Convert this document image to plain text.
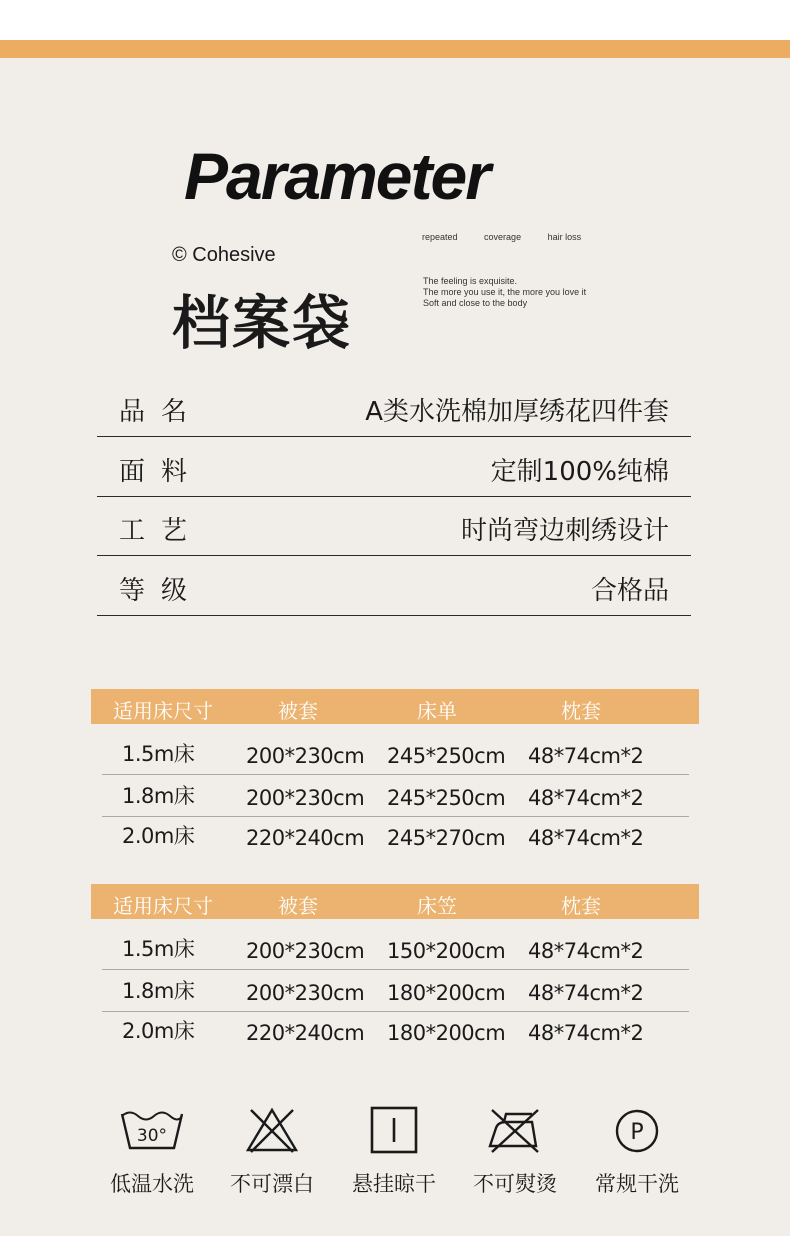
Parameter
© Cohesive
档案袋
repeated	coverage	hair loss
The feeling is exquisite.
The more you use it, the more you love it
Soft and close to the body
品名	A类水洗棉加厚绣花四件套
面料	定制100%纯棉
工艺	时尚弯边刺绣设计
等级	合格品
适用床尺寸	被套	床单	枕套
1.5m床 200*230cm 245*250cm 48*74cm*2
1.8m床 200*230cm 245*250cm 48*74cm*2
2.0m床 220*240cm 245*270cm 48*74cm*2
适用床尺寸	被套	床笠	枕套
1.5m床 200*230cm 150*200cm 48*74cm*2
1.8m床 200*230cm 180*200cm 48*74cm*2
2.0m床 220*240cm 180*200cm 48*74cm*2
30°
低温水洗	不可漂白	悬挂晾干	不可熨烫
P
常规干洗
